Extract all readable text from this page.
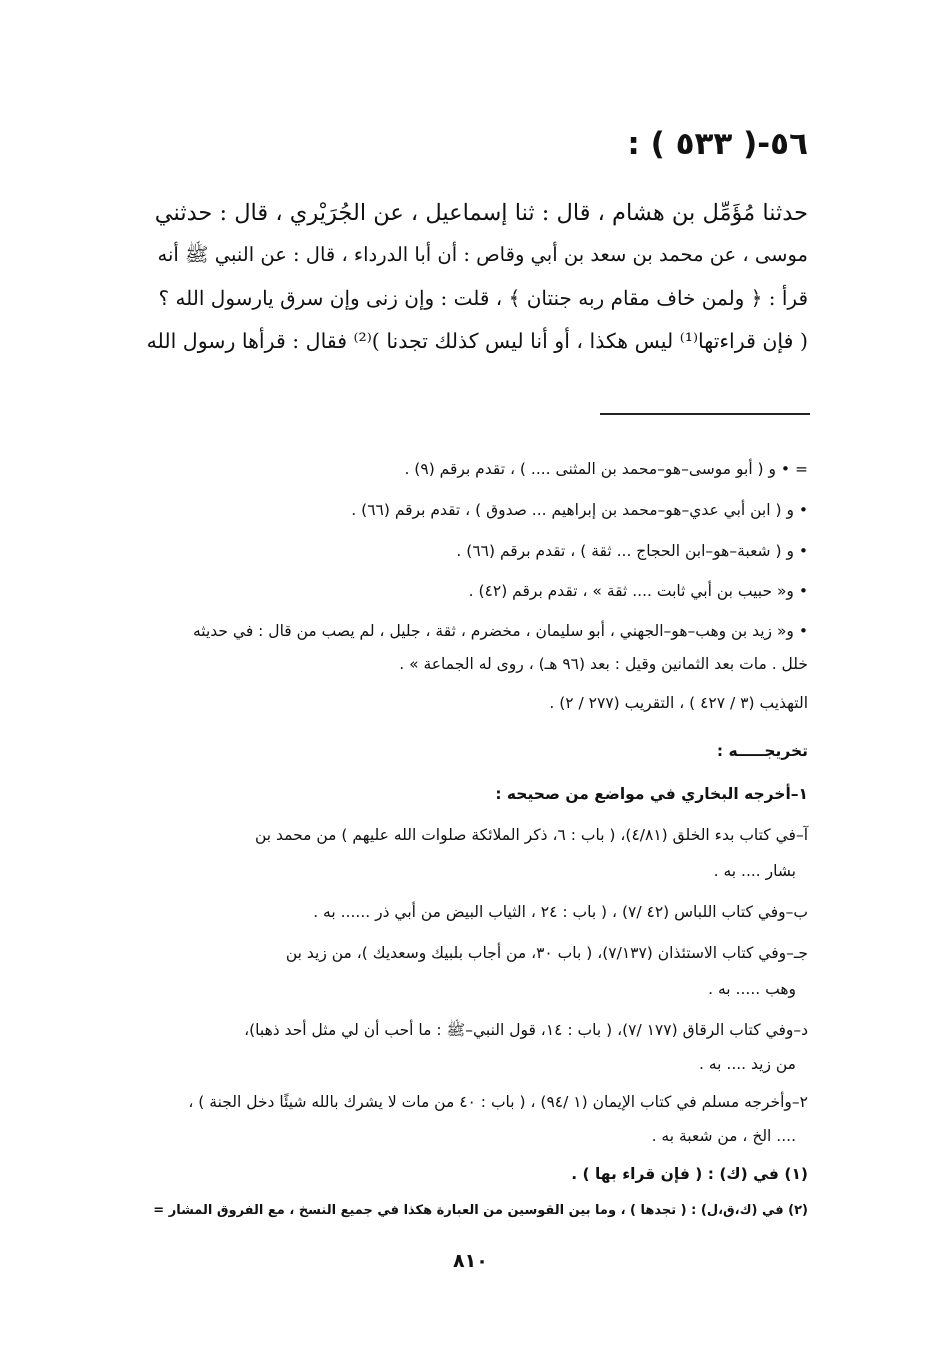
٥٦-( ٥٣٣ ) :
حدثنا مُؤَمِّل بن هشام ، قال : ثنا إسماعيل ، عن الجُرَيْري ، قال : حدثني
موسى ، عن محمد بن سعد بن أبي وقاص : أن أبا الدرداء ، قال : عن النبي ﷺ أنه
قرأ : ﴿ ولمن خاف مقام ربه جنتان ﴾ ، قلت : وإن زنى وإن سرق يارسول الله ؟
( فإن قراءتها⁽¹⁾ ليس هكذا ، أو أنا ليس كذلك تجدنا )⁽²⁾ فقال : قرأها رسول الله
= • و ( أبو موسى–هو–محمد بن المثنى .... ) ، تقدم برقم (٩) .
• و ( ابن أبي عدي–هو–محمد بن إبراهيم ... صدوق ) ، تقدم برقم (٦٦) .
• و ( شعبة–هو–ابن الحجاج ... ثقة ) ، تقدم برقم (٦٦) .
• و« حبيب بن أبي ثابت .... ثقة » ، تقدم برقم (٤٢) .
• و« زيد بن وهب–هو–الجهني ، أبو سليمان ، مخضرم ، ثقة ، جليل ، لم يصب من قال : في حديثه
خلل . مات بعد الثمانين وقيل : بعد (٩٦ هـ) ، روى له الجماعة » .
التهذيب (٣ / ٤٢٧ ) ، التقريب (٢٧٧ / ٢) .
تخريجـــــه :
١–أخرجه البخاري في مواضع من صحيحه :
آ–في كتاب بدء الخلق (٤/٨١)، ( باب : ٦، ذكر الملائكة صلوات الله عليهم ) من محمد بن
بشار .... به .
ب–وفي كتاب اللباس (٤٢ /٧) ، ( باب : ٢٤ ، الثياب البيض من أبي ذر ...... به .
جـ–وفي كتاب الاستئذان (٧/١٣٧)، ( باب ٣٠، من أجاب بلبيك وسعديك )، من زيد بن
وهب ..... به .
د–وفي كتاب الرقاق (١٧٧ /٧)، ( باب : ١٤، قول النبي–ﷺ : ما أحب أن لي مثل أحد ذهبا)،
من زيد .... به .
٢–وأخرجه مسلم في كتاب الإيمان (١ /٩٤) ، ( باب : ٤٠ من مات لا يشرك بالله شيئًا دخل الجنة ) ،
.... الخ ، من شعبة به .
(١) في (ك) : ( فإن قراء بها ) .
(٢) في (ك،ق،ل) : ( تجدها ) ، وما بين القوسين من العبارة هكذا في جميع النسخ ، مع الفروق المشار =
٨١٠
